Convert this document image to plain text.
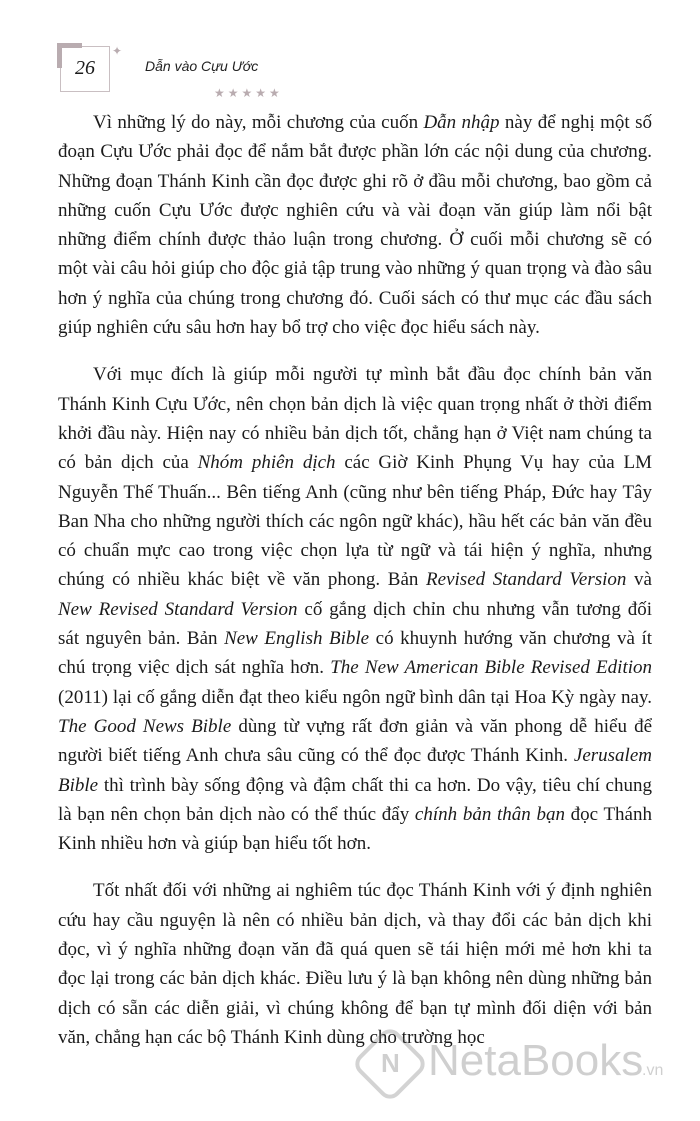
26
✦
Dẫn vào Cựu Ước
★★★★★

Vì những lý do này, mỗi chương của cuốn Dẫn nhập này để nghị một số đoạn Cựu Ước phải đọc để nắm bắt được phần lớn các nội dung của chương. Những đoạn Thánh Kinh cần đọc được ghi rõ ở đầu mỗi chương, bao gồm cả những cuốn Cựu Ước được nghiên cứu và vài đoạn văn giúp làm nổi bật những điểm chính được thảo luận trong chương. Ở cuối mỗi chương sẽ có một vài câu hỏi giúp cho độc giả tập trung vào những ý quan trọng và đào sâu hơn ý nghĩa của chúng trong chương đó. Cuối sách có thư mục các đầu sách giúp nghiên cứu sâu hơn hay bổ trợ cho việc đọc hiểu sách này.

Với mục đích là giúp mỗi người tự mình bắt đầu đọc chính bản văn Thánh Kinh Cựu Ước, nên chọn bản dịch là việc quan trọng nhất ở thời điểm khởi đầu này. Hiện nay có nhiều bản dịch tốt, chẳng hạn ở Việt nam chúng ta có bản dịch của Nhóm phiên dịch các Giờ Kinh Phụng Vụ hay của LM Nguyễn Thế Thuấn... Bên tiếng Anh (cũng như bên tiếng Pháp, Đức hay Tây Ban Nha cho những người thích các ngôn ngữ khác), hầu hết các bản văn đều có chuẩn mực cao trong việc chọn lựa từ ngữ và tái hiện ý nghĩa, nhưng chúng có nhiều khác biệt về văn phong. Bản Revised Standard Version và New Revised Standard Version cố gắng dịch chỉn chu nhưng vẫn tương đối sát nguyên bản. Bản New English Bible có khuynh hướng văn chương và ít chú trọng việc dịch sát nghĩa hơn. The New American Bible Revised Edition (2011) lại cố gắng diễn đạt theo kiểu ngôn ngữ bình dân tại Hoa Kỳ ngày nay. The Good News Bible dùng từ vựng rất đơn giản và văn phong dễ hiểu để người biết tiếng Anh chưa sâu cũng có thể đọc được Thánh Kinh. Jerusalem Bible thì trình bày sống động và đậm chất thi ca hơn. Do vậy, tiêu chí chung là bạn nên chọn bản dịch nào có thể thúc đẩy chính bản thân bạn đọc Thánh Kinh nhiều hơn và giúp bạn hiểu tốt hơn.

Tốt nhất đối với những ai nghiêm túc đọc Thánh Kinh với ý định nghiên cứu hay cầu nguyện là nên có nhiều bản dịch, và thay đổi các bản dịch khi đọc, vì ý nghĩa những đoạn văn đã quá quen sẽ tái hiện mới mẻ hơn khi ta đọc lại trong các bản dịch khác. Điều lưu ý là bạn không nên dùng những bản dịch có sẵn các diễn giải, vì chúng không để bạn tự mình đối diện với bản văn, chẳng hạn các bộ Thánh Kinh dùng cho trường học

N NetaBooks
.vn
